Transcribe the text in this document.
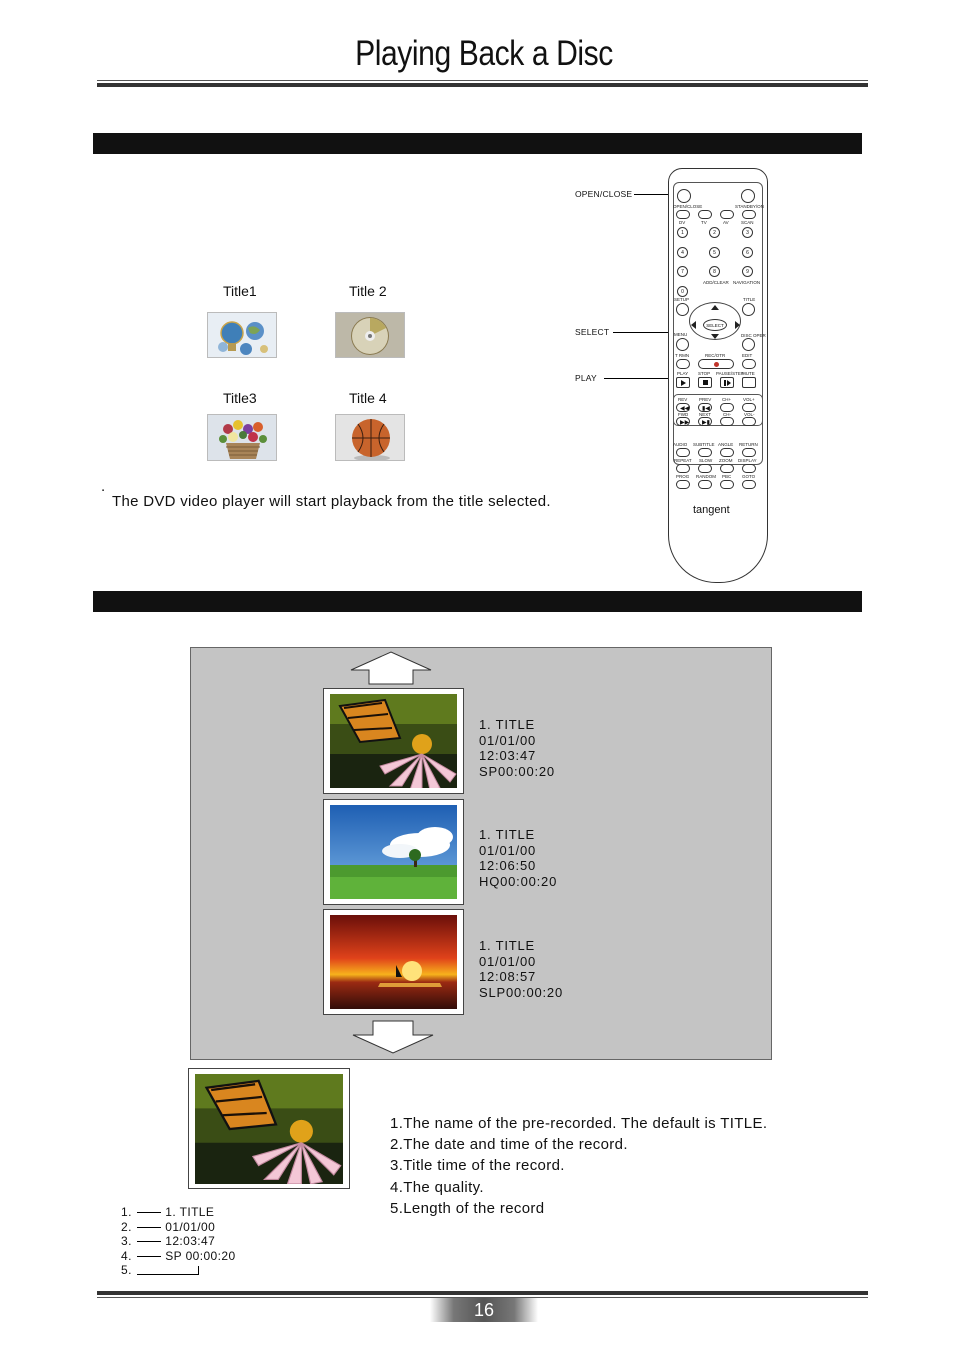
Playing Back a Disc
Title1	Title 2
Title3	Title 4
.
The DVD video player will start playback from the title selected.
OPEN/CLOSE
SELECT
PLAY
OPEN/CLOSE	STANDBY/ON
DV	TV	AV	SCAN
1	2	3
4	5	6
7	8	9
ADD/CLEAR NAVIGATION
0
SETUP	TITLE
SELECT
MENU	DISC OPER
T RMN	REC/OTR	EDIT
PLAY STOP PAUSE/STEP
MUTE
REV	PREV CH+	VOL+
◀◀ ▮◀
FWD NEXT	CH-	VOL-
▶▶ ▶▮
AUDIO SUBTITLE ANGLE RETURN
REPEAT SLOW ZOOM DISPLAY
PROG RANDOM PBC GOTO
tangent
1. TITLE
01/01/00
12:03:47
SP00:00:20
1. TITLE
01/01/00
12:06:50
HQ00:00:20
1. TITLE
01/01/00
12:08:57
SLP00:00:20
1.The name of the pre-recorded. The default is TITLE.
2.The date and time of the record.
3.Title time of the record.
4.The quality.
5.Length of the record
1.	1. TITLE
2.	01/01/00
3.	12:03:47
4.	SP 00:00:20
5.
16
